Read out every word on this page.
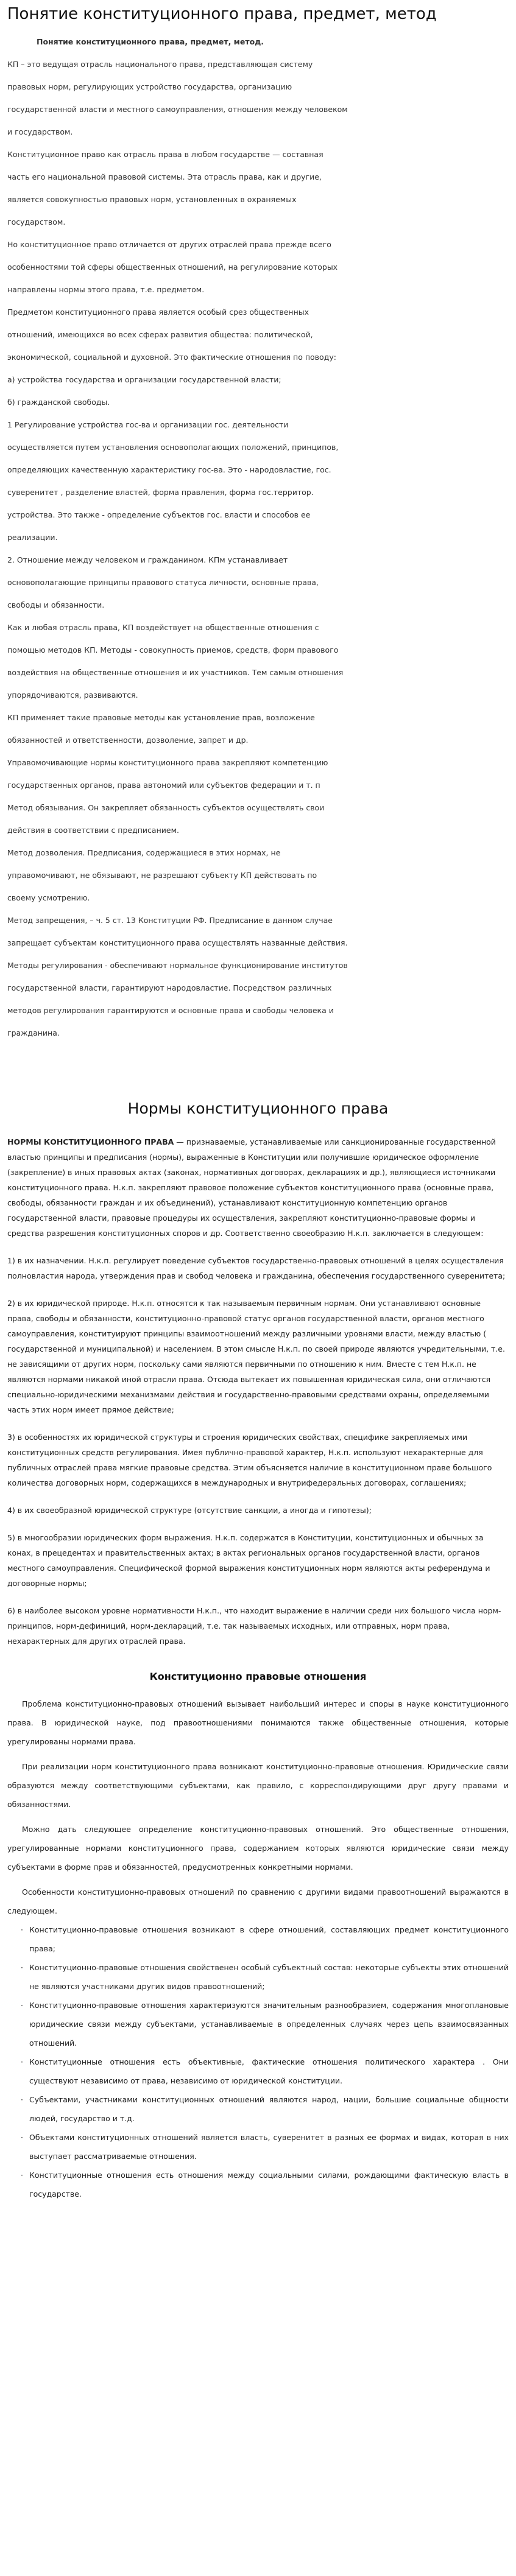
Понятие конституционного права, предмет, метод

Понятие конституционного права, предмет, метод.

КП – это ведущая отрасль национального права, представляющая систему

правовых норм, регулирующих устройство государства, организацию

государственной власти и местного самоуправления, отношения между человеком

и государством.

Конституционное право как отрасль права в любом государстве — составная

часть его национальной правовой системы. Эта отрасль права, как и другие,

является совокупностью правовых норм, установленных в охраняемых

государством.

Но конституционное право отличается от других отраслей права прежде всего

особенностями той сферы общественных отношений, на регулирование которых

направлены нормы этого права, т.е. предметом.

Предметом конституционного права является особый срез общественных

отношений, имеющихся во всех сферах развития общества: политической,

экономической, социальной и духовной. Это фактические отношения по поводу:

а) устройства государства и организации государственной власти;

б) гражданской свободы.

1 Регулирование устройства гос-ва и организации гос. деятельности

осуществляется путем установления основополагающих положений, принципов,

определяющих качественную характеристику гос-ва. Это - народовластие, гос.

суверенитет , разделение властей, форма правления, форма гос.территор.

устройства. Это также - определение субъектов гос. власти и способов ее

реализации.

2. Отношение между человеком и гражданином. КПм устанавливает

основополагающие принципы правового статуса личности, основные права,

свободы и обязанности.

Как и любая отрасль права, КП воздействует на общественные отношения с

помощью методов КП. Методы - совокупность приемов, средств, форм правового

воздействия на общественные отношения и их участников. Тем самым отношения

упорядочиваются, развиваются.

КП применяет такие правовые методы как установление прав, возложение

обязанностей и ответственности, дозволение, запрет и др.

Управомочивающие нормы конституционного права закрепляют компетенцию

государственных органов, права автономий или субъектов федерации и т. п

Метод обязывания. Он закрепляет обязанность субъектов осуществлять свои

действия в соответствии с предписанием.

Метод дозволения. Предписания, содержащиеся в этих нормах, не

управомочивают, не обязывают, не разрешают субъекту КП действовать по

своему усмотрению.

Метод запрещения, – ч. 5 ст. 13 Конституции РФ. Предписание в данном случае

запрещает субъектам конституционного права осуществлять названные действия.

Методы регулирования - обеспечивают нормальное функционирование институтов

государственной власти, гарантируют народовластие. Посредством различных

методов регулирования гарантируются и основные права и свободы человека и

гражданина.

Нормы конституционного права

НОРМЫ КОНСТИТУЦИОННОГО ПРАВА — признаваемые, устанавливаемые или санкционированные государственной властью принципы и предписания (нормы), выраженные в Конституции или получившие юридическое оформление (закрепление) в иных правовых актах (законах, нормативных договорах, декларациях и др.), являющиеся источниками конституционного права. Н.к.п. закрепляют правовое положение субъектов конституционного права (основные права, свободы, обязанности граждан и их объединений), устанавливают конституционную компетенцию органов государственной власти, правовые процедуры их осуществления, закрепляют конституционно-правовые формы и средства разрешения конституционных споров и др. Соответственно своеобразию Н.к.п. заключается в следующем:

1) в их назначении. Н.к.п. регулирует поведение субъектов государственно-правовых отношений в целях осуществления полновластия народа, утверждения прав и свобод человека и гражданина, обеспечения государственного суверенитета;

2) в их юридической природе. Н.к.п. относятся к так называемым первичным нормам. Они устанавливают основные права, свободы и обязанности, конституционно-правовой статус органов государственной власти, органов местного самоуправления, конституируют принципы взаимоотношений между различными уровнями власти, между властью ( государственной и муниципальной) и населением. В этом смысле Н.к.п. по своей природе являются учредительными, т.е. не зависящими от других норм, поскольку сами являются первичными по отношению к ним. Вместе с тем Н.к.п. не являются нормами никакой иной отрасли права. Отсюда вытекает их повышенная юридическая сила, они отличаются специально-юридическими механизмами действия и государственно-правовыми средствами охраны, определяемыми часть этих норм имеет прямое действие;

3) в особенностях их юридической структуры и строения юридических свойствах, специфике закрепляемых ими конституционных средств регулирования. Имея публично-правовой характер, Н.к.п. используют нехарактерные для публичных отраслей права мягкие правовые средства. Этим объясняется наличие в конституционном праве большого количества договорных норм, содержащихся в международных и внутрифедеральных договорах, соглашениях;

4) в их своеобразной юридической структуре (отсутствие санкции, а иногда и гипотезы);

5) в многообразии юридических форм выражения. Н.к.п. содержатся в Конституции, конституционных и обычных за конах, в прецедентах и правительственных актах; в актах региональных органов государственной власти, органов местного самоуправления. Специфической формой выражения конституционных норм являются акты референдума и договорные нормы;

6) в наиболее высоком уровне нормативности Н.к.п., что находит выражение в наличии среди них большого числа норм-принципов, норм-дефиниций, норм-деклараций, т.е. так называемых исходных, или отправных, норм права, нехарактерных для других отраслей права.

Конституционно правовые отношения

Проблема конституционно-правовых отношений вызывает наибольший интерес и споры в науке конституционного права. В юридической науке, под правоотношениями понимаются также общественные отношения, которые урегулированы нормами права.

При реализации норм конституционного права возникают конституционно-правовые отношения. Юридические связи образуются между соответствующими субъектами, как правило, с корреспондирующими друг другу правами и обязанностями.

Можно дать следующее определение конституционно-правовых отношений. Это общественные отношения, урегулированные нормами конституционного права, содержанием которых являются юридические связи между субъектами в форме прав и обязанностей, предусмотренных конкретными нормами.

Особенности конституционно-правовых отношений по сравнению с другими видами правоотношений выражаются в следующем.

· Конституционно-правовые отношения возникают в сфере отношений, составляющих предмет конституционного права;
· Конституционно-правовые отношения свойственен особый субъектный состав: некоторые субъекты этих отношений не являются участниками других видов правоотношений;
· Конституционно-правовые отношения характеризуются значительным разнообразием, содержания многоплановые юридические связи между субъектами, устанавливаемые в определенных случаях через цепь взаимосвязанных отношений.
· Конституционные отношения есть объективные, фактические отношения политического характера . Они существуют независимо от права, независимо от юридической конституции.
· Субъектами, участниками конституционных отношений являются народ, нации, большие социальные общности людей, государство и т.д.
· Объектами конституционных отношений является власть, суверенитет в разных ее формах и видах, которая в них выступает рассматриваемые отношения.
· Конституционные отношения есть отношения между социальными силами, рождающими фактическую власть в государстве.
